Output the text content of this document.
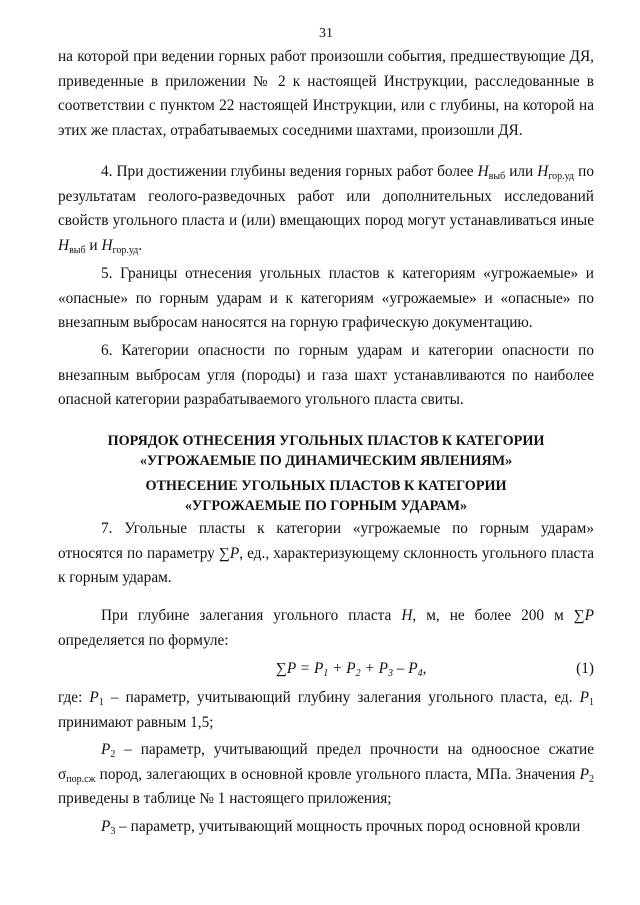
31

на которой при ведении горных работ произошли события, предшествующие ДЯ, приведенные в приложении № 2 к настоящей Инструкции, расследованные в соответствии с пунктом 22 настоящей Инструкции, или с глубины, на которой на этих же пластах, отрабатываемых соседними шахтами, произошли ДЯ.

4. При достижении глубины ведения горных работ более $H_{выб}$ или $H_{гор.уд}$ по результатам геолого-разведочных работ или дополнительных исследований свойств угольного пласта и (или) вмещающих пород могут устанавливаться иные $H_{выб}$ и $H_{гор.уд}$.

5. Границы отнесения угольных пластов к категориям «угрожаемые» и «опасные» по горным ударам и к категориям «угрожаемые» и «опасные» по внезапным выбросам наносятся на горную графическую документацию.

6. Категории опасности по горным ударам и категории опасности по внезапным выбросам угля (породы) и газа шахт устанавливаются по наиболее опасной категории разрабатываемого угольного пласта свиты.

ПОРЯДОК ОТНЕСЕНИЯ УГОЛЬНЫХ ПЛАСТОВ К КАТЕГОРИИ
«УГРОЖАЕМЫЕ ПО ДИНАМИЧЕСКИМ ЯВЛЕНИЯМ»
ОТНЕСЕНИЕ УГОЛЬНЫХ ПЛАСТОВ К КАТЕГОРИИ
«УГРОЖАЕМЫЕ ПО ГОРНЫМ УДАРАМ»

7. Угольные пласты к категории «угрожаемые по горным ударам» относятся по параметру ∑P, ед., характеризующему склонность угольного пласта к горным ударам.

При глубине залегания угольного пласта H, м, не более 200 м ∑P определяется по формуле:

$\sum P = P_1 + P_2 + P_3 - P_4$,	(1)

где: $P_1$ – параметр, учитывающий глубину залегания угольного пласта, ед. $P_1$ принимают равным 1,5;

$P_2$ – параметр, учитывающий предел прочности на одноосное сжатие $\sigma_{пор.сж}$ пород, залегающих в основной кровле угольного пласта, МПа. Значения $P_2$ приведены в таблице № 1 настоящего приложения;

$P_3$ – параметр, учитывающий мощность прочных пород основной кровли
